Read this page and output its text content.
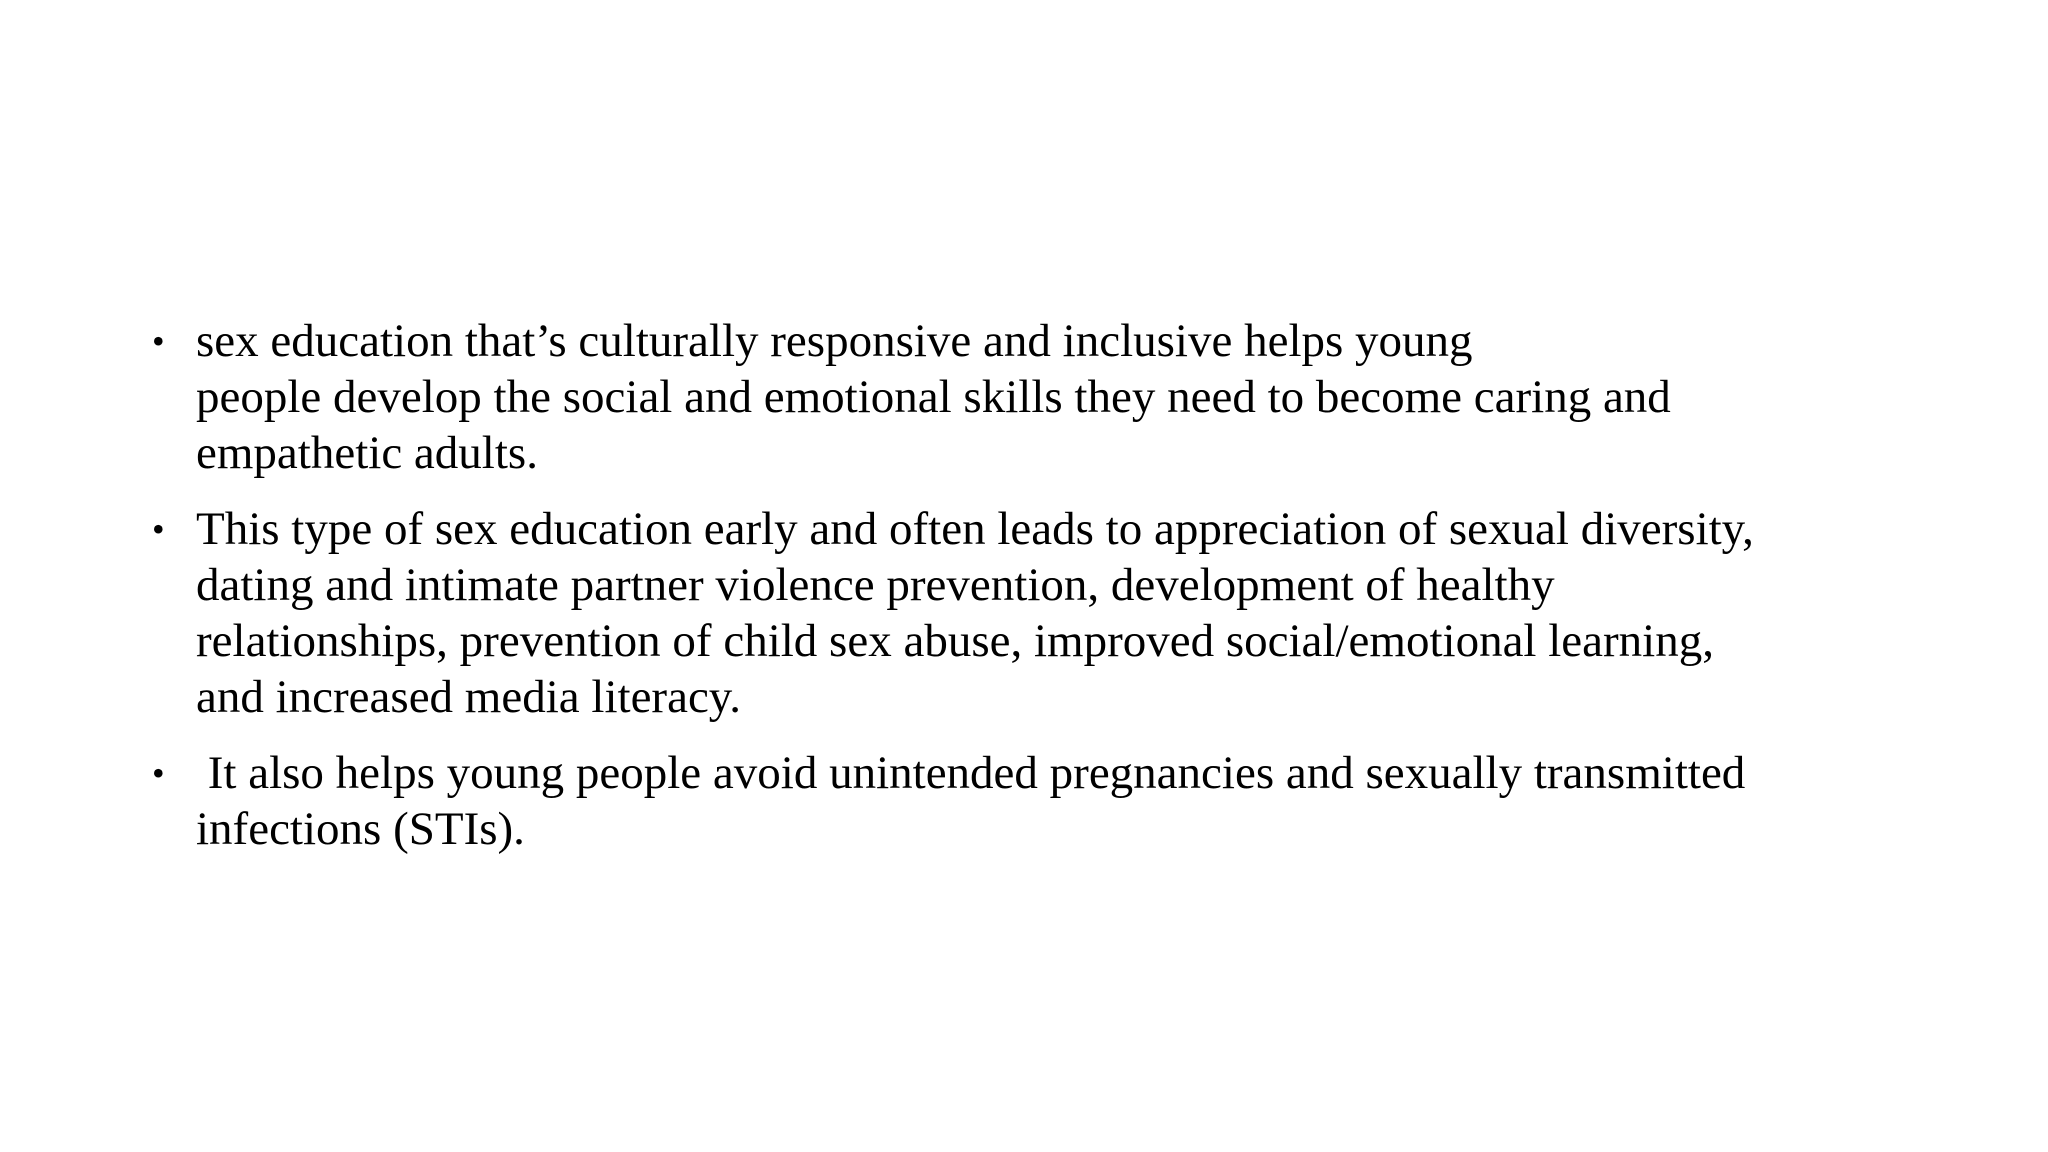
• sex education that’s culturally responsive and inclusive helps young
people develop the social and emotional skills they need to become caring and
empathetic adults.
• This type of sex education early and often leads to appreciation of sexual diversity,
dating and intimate partner violence prevention, development of healthy
relationships, prevention of child sex abuse, improved social/emotional learning,
and increased media literacy.
• It also helps young people avoid unintended pregnancies and sexually transmitted
infections (STIs).
